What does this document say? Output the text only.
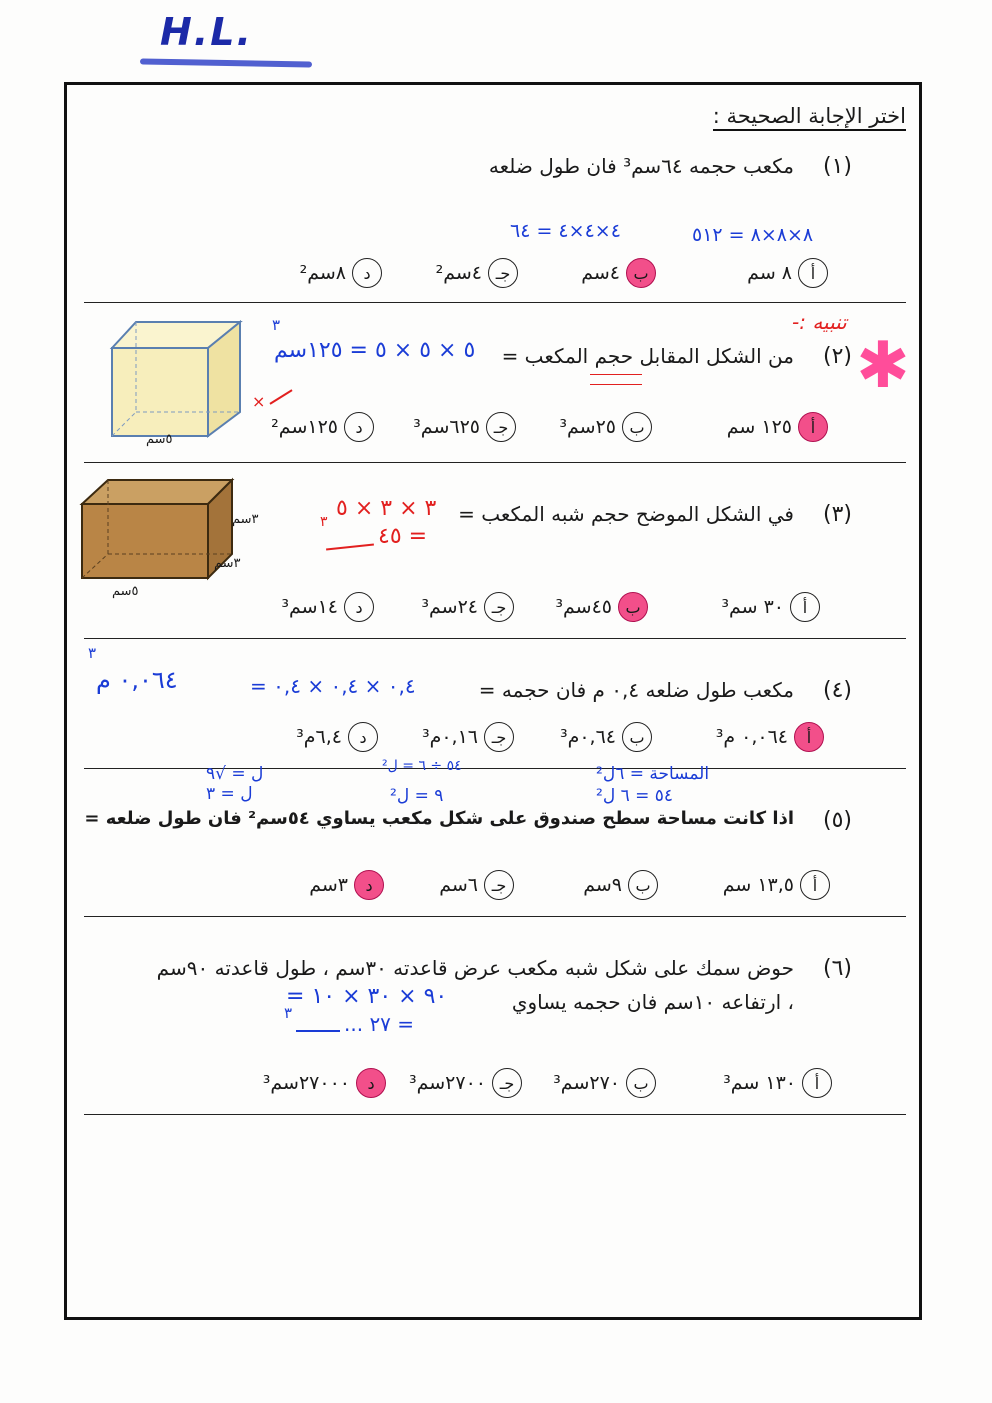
H.L.
اختر الإجابة الصحيحة :
(١)
مكعب حجمه ٦٤سم³ فان طول ضلعه
٨×٨×٨ = ٥١٢
٤×٤×٤ = ٦٤
أ
٨ سم
ب
٤سم
جـ
٤سم²
د
٨سم²
تنبيه :-
✱
٥سم
٣
٥ × ٥ × ٥ = ١٢٥سم	(٢)
من الشكل المقابل حجم المكعب =
×
أ
١٢٥ سم
ب
٢٥سم³
جـ
٦٢٥سم³
د
١٢٥سم²
٣سم
٣سم
٥سم
(٣)
في الشكل الموضح حجم شبه المكعب =
٣ × ٣ × ٥
٣
= ٤٥
أ
٣٠ سم³
ب
٤٥سم³
جـ
٢٤سم³
د
١٤سم³
٣
٠,٠٦٤ م	٠,٤ × ٠,٤ × ٠,٤ =	(٤)
مكعب طول ضلعه ٠,٤ م فان حجمه =
أ
٠,٠٦٤ م³
ب
٠,٦٤م³
جـ
٠,١٦م³
د
٦,٤م³
المساحة = ٦ل²
٥٤ = ٦ ل²
٥٤ ÷ ٦ = ل²
٩ = ل²
ل = √٩
ل = ٣
(٥)
اذا كانت مساحة سطح صندوق على شكل مكعب يساوي ٥٤سم² فان طول ضلعه =
أ
١٣,٥ سم
ب
٩سم
جـ
٦سم
د
٣سم
(٦)
حوض سمك على شكل شبه مكعب عرض قاعدته ٣٠سم ، طول قاعدته ٩٠سم
، ارتفاعه ١٠سم فان حجمه يساوي
٩٠ × ٣٠ × ١٠ =
٣	= ٢٧ ...
أ
١٣٠ سم³
ب
٢٧٠سم³
جـ
٢٧٠٠سم³
د
٢٧٠٠٠سم³
